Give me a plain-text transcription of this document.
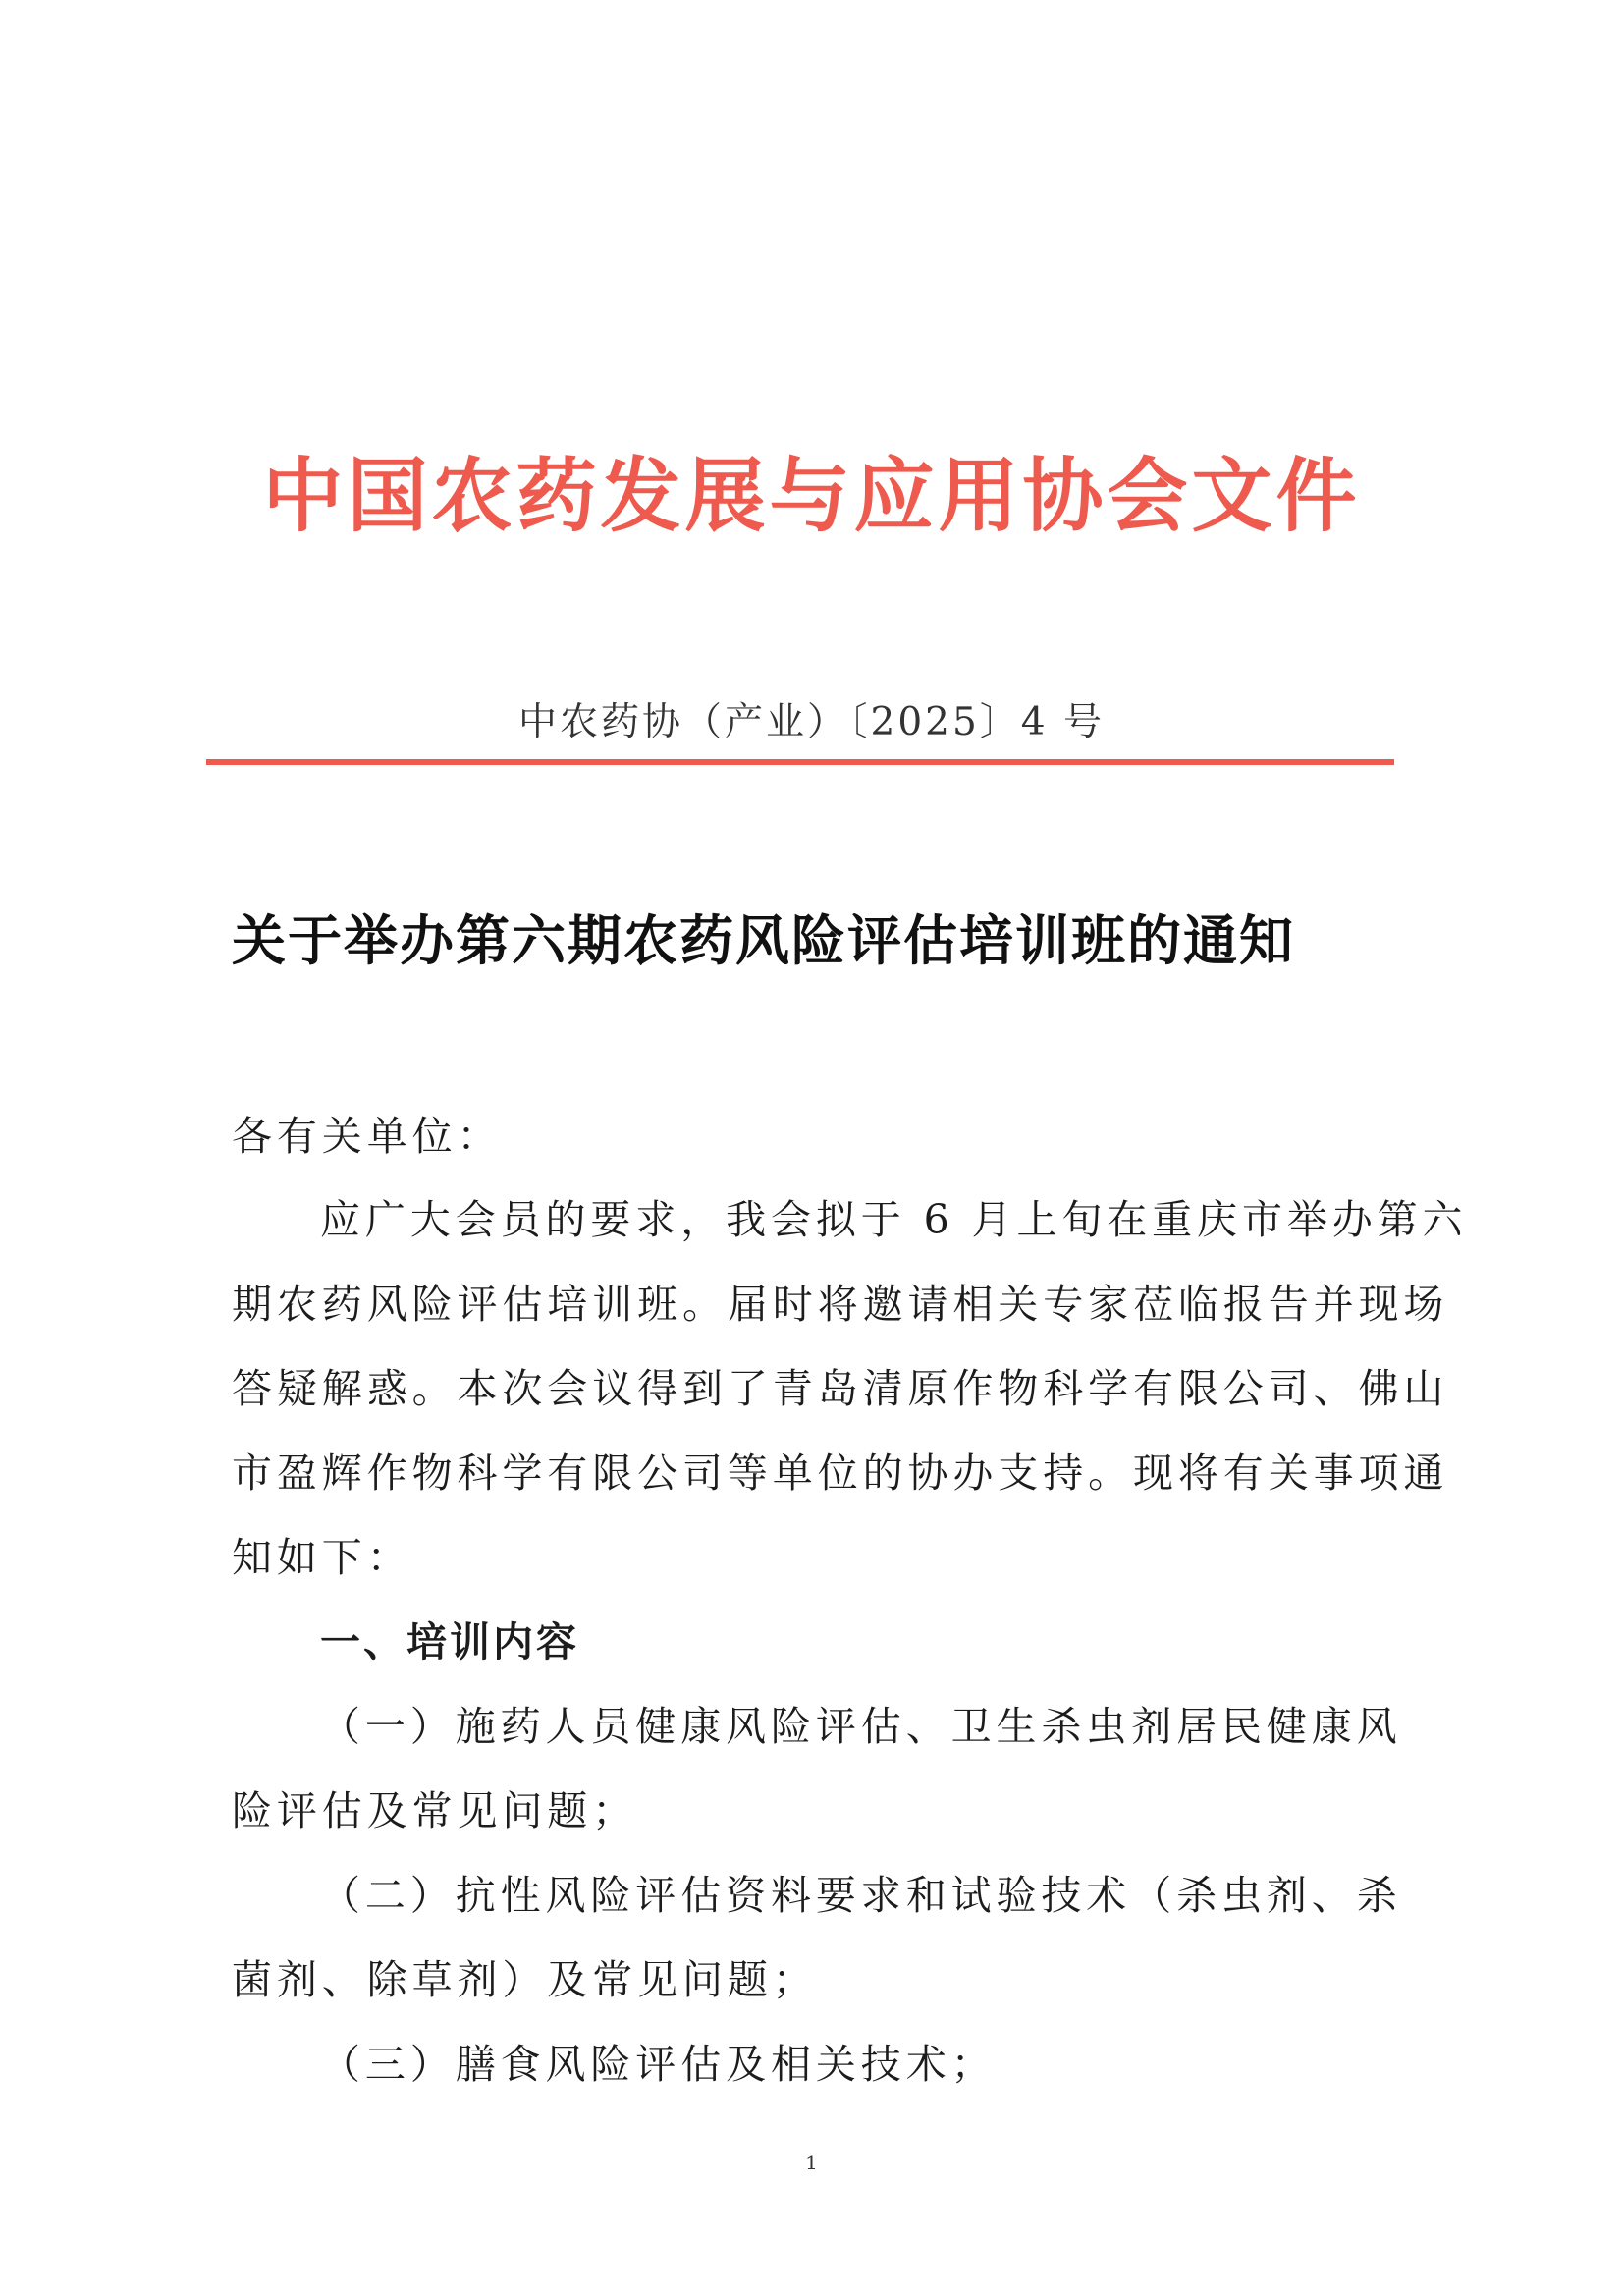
中国农药发展与应用协会文件
中农药协（产业）〔2025〕4 号
关于举办第六期农药风险评估培训班的通知
各有关单位：
应广大会员的要求，我会拟于 6 月上旬在重庆市举办第六
期农药风险评估培训班。届时将邀请相关专家莅临报告并现场
答疑解惑。本次会议得到了青岛清原作物科学有限公司、佛山
市盈辉作物科学有限公司等单位的协办支持。现将有关事项通
知如下：
一、培训内容
（一）施药人员健康风险评估、卫生杀虫剂居民健康风
险评估及常见问题；
（二）抗性风险评估资料要求和试验技术（杀虫剂、杀
菌剂、除草剂）及常见问题；
（三）膳食风险评估及相关技术；
1
